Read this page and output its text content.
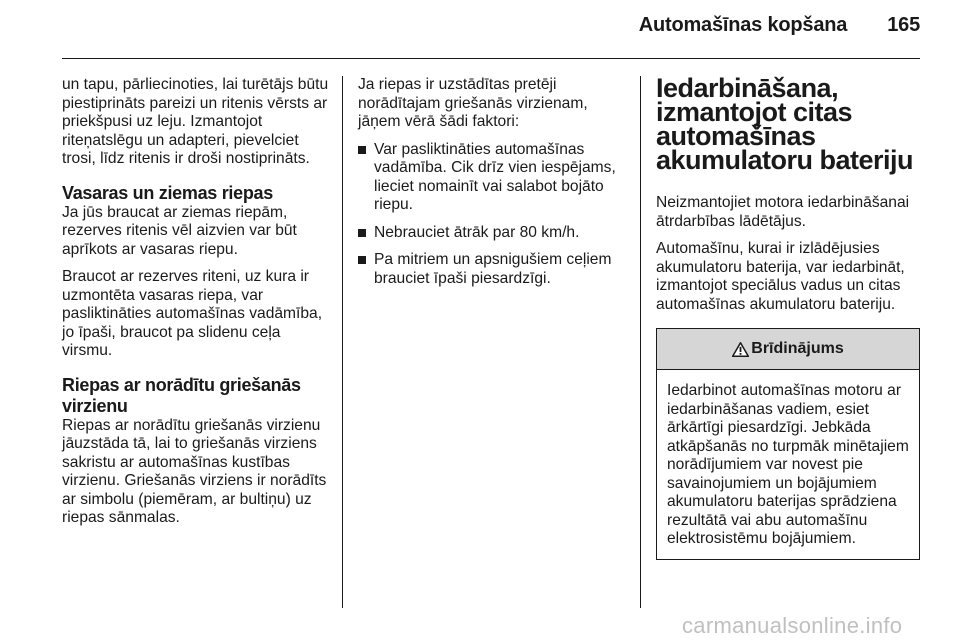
Automašīnas kopšana 165

un tapu, pārliecinoties, lai turētājs būtu piestiprināts pareizi un ritenis vērsts ar priekšpusi uz leju. Izmantojot riteņatslēgu un adapteri, pievelciet trosi, līdz ritenis ir droši nostiprināts.

Vasaras un ziemas riepas

Ja jūs braucat ar ziemas riepām, rezerves ritenis vēl aizvien var būt aprīkots ar vasaras riepu.

Braucot ar rezerves riteni, uz kura ir uzmontēta vasaras riepa, var pasliktināties automašīnas vadāmība, jo īpaši, braucot pa slidenu ceļa virsmu.

Riepas ar norādītu griešanās virzienu

Riepas ar norādītu griešanās virzienu jāuzstāda tā, lai to griešanās virziens sakristu ar automašīnas kustības virzienu. Griešanās virziens ir norādīts ar simbolu (piemēram, ar bultiņu) uz riepas sānmalas.

Ja riepas ir uzstādītas pretēji norādītajam griešanās virzienam, jāņem vērā šādi faktori:

Var pasliktināties automašīnas vadāmība. Cik drīz vien iespējams, lieciet nomainīt vai salabot bojāto riepu.
Nebrauciet ātrāk par 80 km/h.
Pa mitriem un apsnigušiem ceļiem brauciet īpaši piesardzīgi.
Iedarbināšana, izmantojot citas automašīnas akumulatoru bateriju

Neizmantojiet motora iedarbināšanai ātrdarbības lādētājus.

Automašīnu, kurai ir izlādējusies akumulatoru baterija, var iedarbināt, izmantojot speciālus vadus un citas automašīnas akumulatoru bateriju.

Brīdinājums
Iedarbinot automašīnas motoru ar iedarbināšanas vadiem, esiet ārkārtīgi piesardzīgi. Jebkāda atkāpšanās no turpmāk minētajiem norādījumiem var novest pie savainojumiem un bojājumiem akumulatoru baterijas sprādziena rezultātā vai abu automašīnu elektrosistēmu bojājumiem.
carmanualsonline.info
